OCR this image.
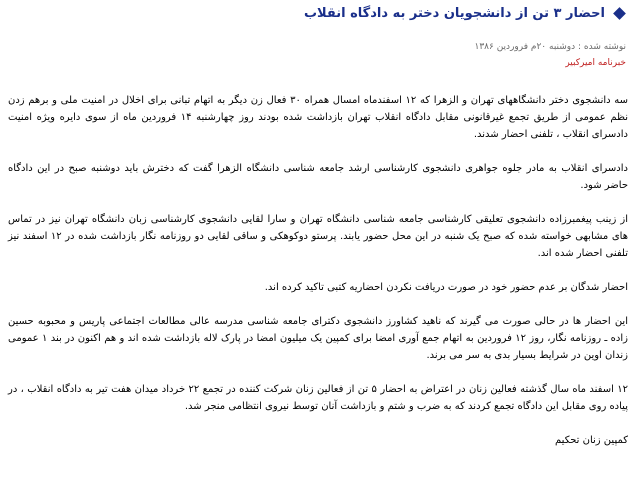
احضار ۳ تن از دانشجویان دختر به دادگاه انقلاب
نوشته شده : دوشنبه ۲۰م فروردین ۱۳۸۶
خبرنامه امیرکبیر

سه دانشجوی دختر دانشگاههای تهران و الزهرا که ۱۲ اسفندماه امسال همراه ۳۰ فعال زن دیگر به اتهام تبانی برای اخلال در امنیت ملی و برهم زدن نظم عمومی از طریق تجمع غیرقانونی مقابل دادگاه انقلاب تهران بازداشت شده بودند روز چهارشنبه ۱۴ فروردین ماه از سوی دایره ویژه امنیت دادسرای انقلاب ، تلفنی احضار شدند.

دادسرای انقلاب به مادر جلوه جواهری دانشجوی کارشناسی ارشد جامعه شناسی دانشگاه الزهرا گفت که دخترش باید دوشنبه صبح در این دادگاه حاضر شود.

از زینب پیغمبرزاده دانشجوی تعلیقی کارشناسی جامعه شناسی دانشگاه تهران و سارا لقایی دانشجوی کارشناسی زبان دانشگاه تهران نیز در تماس های مشابهی خواسته شده که صبح یک شنبه در این محل حضور یابند. پرستو دوکوهکی و ساقی لقایی دو روزنامه نگار بازداشت شده در ۱۲ اسفند نیز تلفنی احضار شده اند.

احضار شدگان بر عدم حضور خود در صورت دریافت نکردن احضاریه کتبی تاکید کرده اند.

این احضار ها در حالی صورت می گیرند که ناهید کشاورز دانشجوی دکترای جامعه شناسی مدرسه عالی مطالعات اجتماعی پاریس و محبوبه حسین زاده ـ روزنامه نگار، روز ۱۲ فروردین به اتهام جمع آوری امضا برای کمپین یک میلیون امضا در پارک لاله بازداشت شده اند و هم اکنون در بند ۱ عمومی زندان اوین در شرایط بسیار بدی به سر می برند.

۱۲ اسفند ماه سال گذشته فعالین زنان در اعتراض به احضار ۵ تن از فعالین زنان شرکت کننده در تجمع ۲۲ خرداد میدان هفت تیر به دادگاه انقلاب ، در پیاده روی مقابل این دادگاه تجمع کردند که به ضرب و شتم و بازداشت آنان توسط نیروی انتظامی منجر شد.

کمپین زنان تحکیم
